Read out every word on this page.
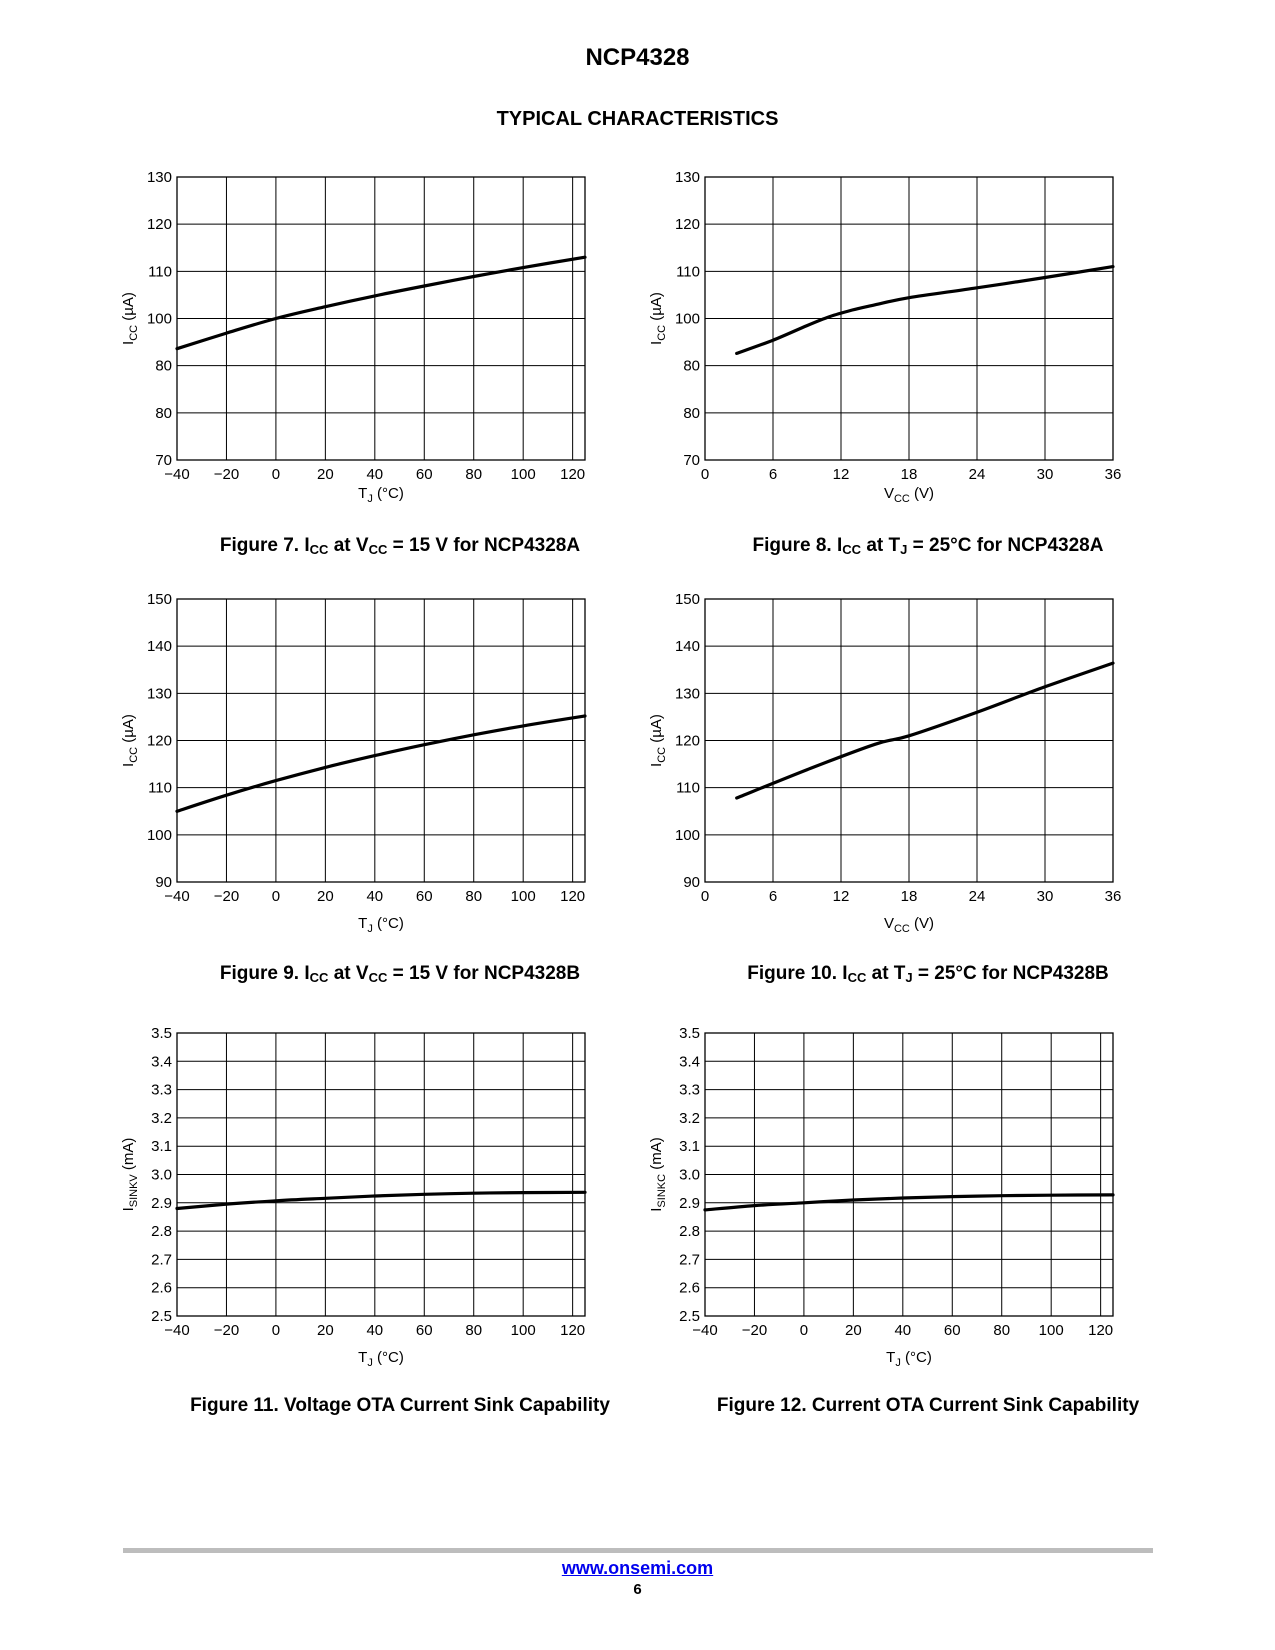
NCP4328
TYPICAL CHARACTERISTICS
−40 −20 0 20 40 60 80 100 120
70
80
80
100
110
120
130
$T_J$ (°C)
$I_{CC}$ (µA)
0	6	12	18	24	30	36
70
80
80
100
110
120
130
$V_{CC}$ (V)
$I_{CC}$ (µA)
−40 −20 0 20 40 60 80 100 120
90
100
110
120
130
140
150
$T_J$ (°C)
$I_{CC}$ (µA)
0	6	12	18	24	30	36
90
100
110
120
130
140
150
$V_{CC}$ (V)
$I_{CC}$ (µA)
−40 −20 0 20 40 60 80 100 120
2.5
2.6
2.7
2.8
2.9
3.0
3.1
3.2
3.3
3.4
3.5
$T_J$ (°C)
$I_{SINKV}$ (mA)
−40 −20 0 20 40 60 80 100 120
2.5
2.6
2.7
2.8
2.9
3.0
3.1
3.2
3.3
3.4
3.5
$T_J$ (°C)
$I_{SINKC}$ (mA)
Figure 7. $I_{CC}$ at $V_{CC} = 15$ V for NCP4328A	Figure 8. $I_{CC}$ at $T_J = 25^\circ C$ for NCP4328A
Figure 9. $I_{CC}$ at $V_{CC} = 15$ V for NCP4328B	Figure 10. $I_{CC}$ at $T_J = 25^\circ C$ for NCP4328B
Figure 11. Voltage OTA Current Sink Capability	Figure 12. Current OTA Current Sink Capability
www.onsemi.com
6
